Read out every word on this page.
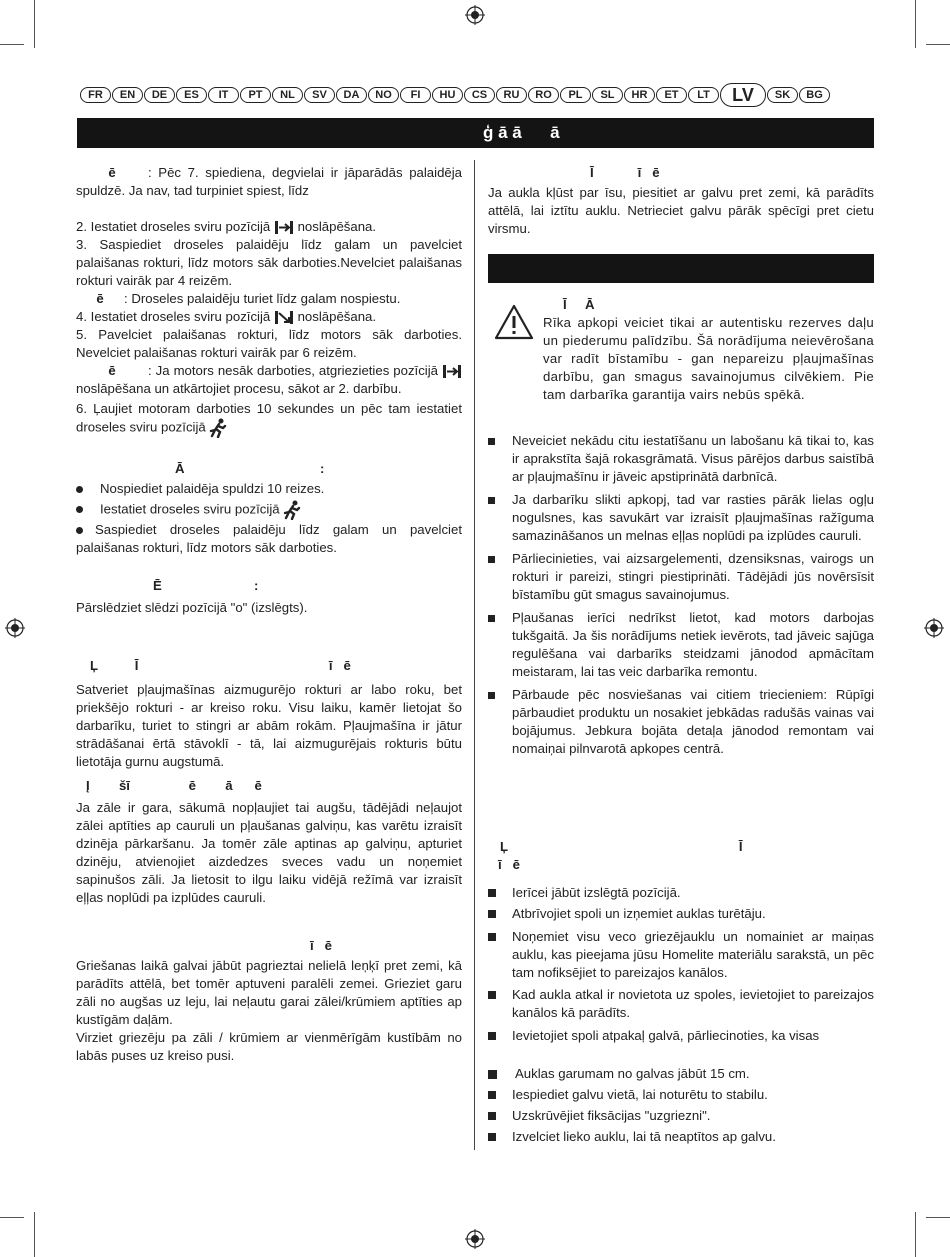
FR	EN	DE	ES	IT	PT	NL	SV	DA	NO	FI	HU	CS	RU	RO	PL	SL	HR	ET	LT	LV	SK	BG
ģ ā ā      ā

ē : Pēc 7. spiediena, degvielai ir jāparādās palaidēja spuldzē. Ja nav, tad turpiniet spiest, līdz

2. Iestatiet droseles sviru pozīcijā noslāpēšana.

3. Saspiediet droseles palaidēju līdz galam un pavelciet palaišanas rokturi, līdz motors sāk darboties.Nevelciet palaišanas rokturi vairāk par 4 reizēm.

ē : Droseles palaidēju turiet līdz galam nospiestu.

4. Iestatiet droseles sviru pozīcijā noslāpēšana.

5. Pavelciet palaišanas rokturi, līdz motors sāk darboties. Nevelciet palaišanas rokturi vairāk par 6 reizēm.

ē : Ja motors nesāk darboties, atgriezieties pozīcijā  noslāpēšana un atkārtojiet procesu, sākot ar 2. darbību.

6. Ļaujiet motoram darboties 10 sekundes un pēc tam iestatiet droseles sviru pozīcijā

Ā	:

Nospiediet palaidēja spuldzi 10 reizes.

Iestatiet droseles sviru pozīcijā

Saspiediet droseles palaidēju līdz galam un pavelciet palaišanas rokturi, līdz motors sāk darboties.

Ē	:

Pārslēdziet slēdzi pozīcijā "o" (izslēgts).

Ļ          Ī                                                    ī   ē

Satveriet pļaujmašīnas aizmugurējo rokturi ar labo roku, bet priekšējo rokturi - ar kreiso roku. Visu laiku, kamēr lietojat šo darbarīku, turiet to stingri ar abām rokām. Pļaujmašīna ir jātur strādāšanai ērtā stāvoklī - tā, lai aizmugurējais rokturis būtu lietotāja gurnu augstumā.

Į        šī                ē        ā      ē

Ja zāle ir gara, sākumā nopļaujiet tai augšu, tādējādi neļaujot zālei aptīties ap cauruli un pļaušanas galviņu, kas varētu izraisīt dzinēja pārkaršanu. Ja tomēr zāle aptinas ap galviņu, apturiet dzinēju, atvienojiet aizdedzes sveces vadu un noņemiet sapinušos zāli. Ja lietosit to ilgu laiku vidējā režīmā var izraisīt eļļas noplūdi pa izplūdes cauruli.

ī   ē

Griešanas laikā galvai jābūt pagrieztai nelielā leņķī pret zemi, kā parādīts attēlā, bet tomēr aptuveni paralēli zemei. Grieziet garu zāli no augšas uz leju, lai neļautu garai zālei/krūmiem aptīties ap kustīgām daļām.

Virziet griezēju pa zāli / krūmiem ar vienmērīgām kustībām no labās puses uz kreiso pusi.

Ī            ī   ē

Ja aukla kļūst par īsu, piesitiet ar galvu pret zemi, kā parādīts attēlā, lai iztītu auklu. Netrieciet galvu pārāk spēcīgi pret cietu virsmu.

Ī     Ā

Rīka apkopi veiciet tikai ar autentisku rezerves daļu un piederumu palīdzību. Šā norādījuma neievērošana var radīt bīstamību - gan nepareizu pļaujmašīnas darbību, gan smagus savainojumus cilvēkiem. Pie tam darbarīka garantija vairs nebūs spēkā.

Neveiciet nekādu citu iestatīšanu un labošanu kā tikai to, kas ir aprakstīta šajā rokasgrāmatā. Visus pārējos darbus saistībā ar pļaujmašīnu ir jāveic apstiprinātā darbnīcā.

Ja darbarīku slikti apkopj, tad var rasties pārāk lielas ogļu nogulsnes, kas savukārt var izraisīt pļaujmašīnas ražīguma samazināšanos un melnas eļļas noplūdi pa izplūdes cauruli.

Pārliecinieties, vai aizsargelementi, dzensiksnas, vairogs un rokturi ir pareizi, stingri piestiprināti. Tādējādi jūs novērsīsit bīstamību gūt smagus savainojumus.

Pļaušanas ierīci nedrīkst lietot, kad motors darbojas tukšgaitā. Ja šis norādījums netiek ievērots, tad jāveic sajūga regulēšana vai darbarīks steidzami jānodod apmācītam meistaram, lai tas veic darbarīka remontu.

Pārbaude pēc nosviešanas vai citiem triecieniem: Rūpīgi pārbaudiet produktu un nosakiet jebkādas radušās vainas vai bojājumus. Jebkura bojāta detaļa jānodod remontam vai nomaiņai pilnvarotā apkopes centrā.

Ļ                                                               Ī

ī   ē

Ierīcei jābūt izslēgtā pozīcijā.

Atbrīvojiet spoli un izņemiet auklas turētāju.

Noņemiet visu veco griezējauklu un nomainiet ar maiņas auklu, kas pieejama jūsu Homelite materiālu sarakstā, un pēc tam nofiksējiet to pareizajos kanālos.

Kad aukla atkal ir novietota uz spoles, ievietojiet to pareizajos kanālos kā parādīts.

Ievietojiet spoli atpakaļ galvā, pārliecinoties, ka visas

Auklas garumam no galvas jābūt 15 cm.

Iespiediet galvu vietā, lai noturētu to stabilu.

Uzskrūvējiet fiksācijas "uzgriezni".

Izvelciet lieko auklu, lai tā neaptītos ap galvu.
